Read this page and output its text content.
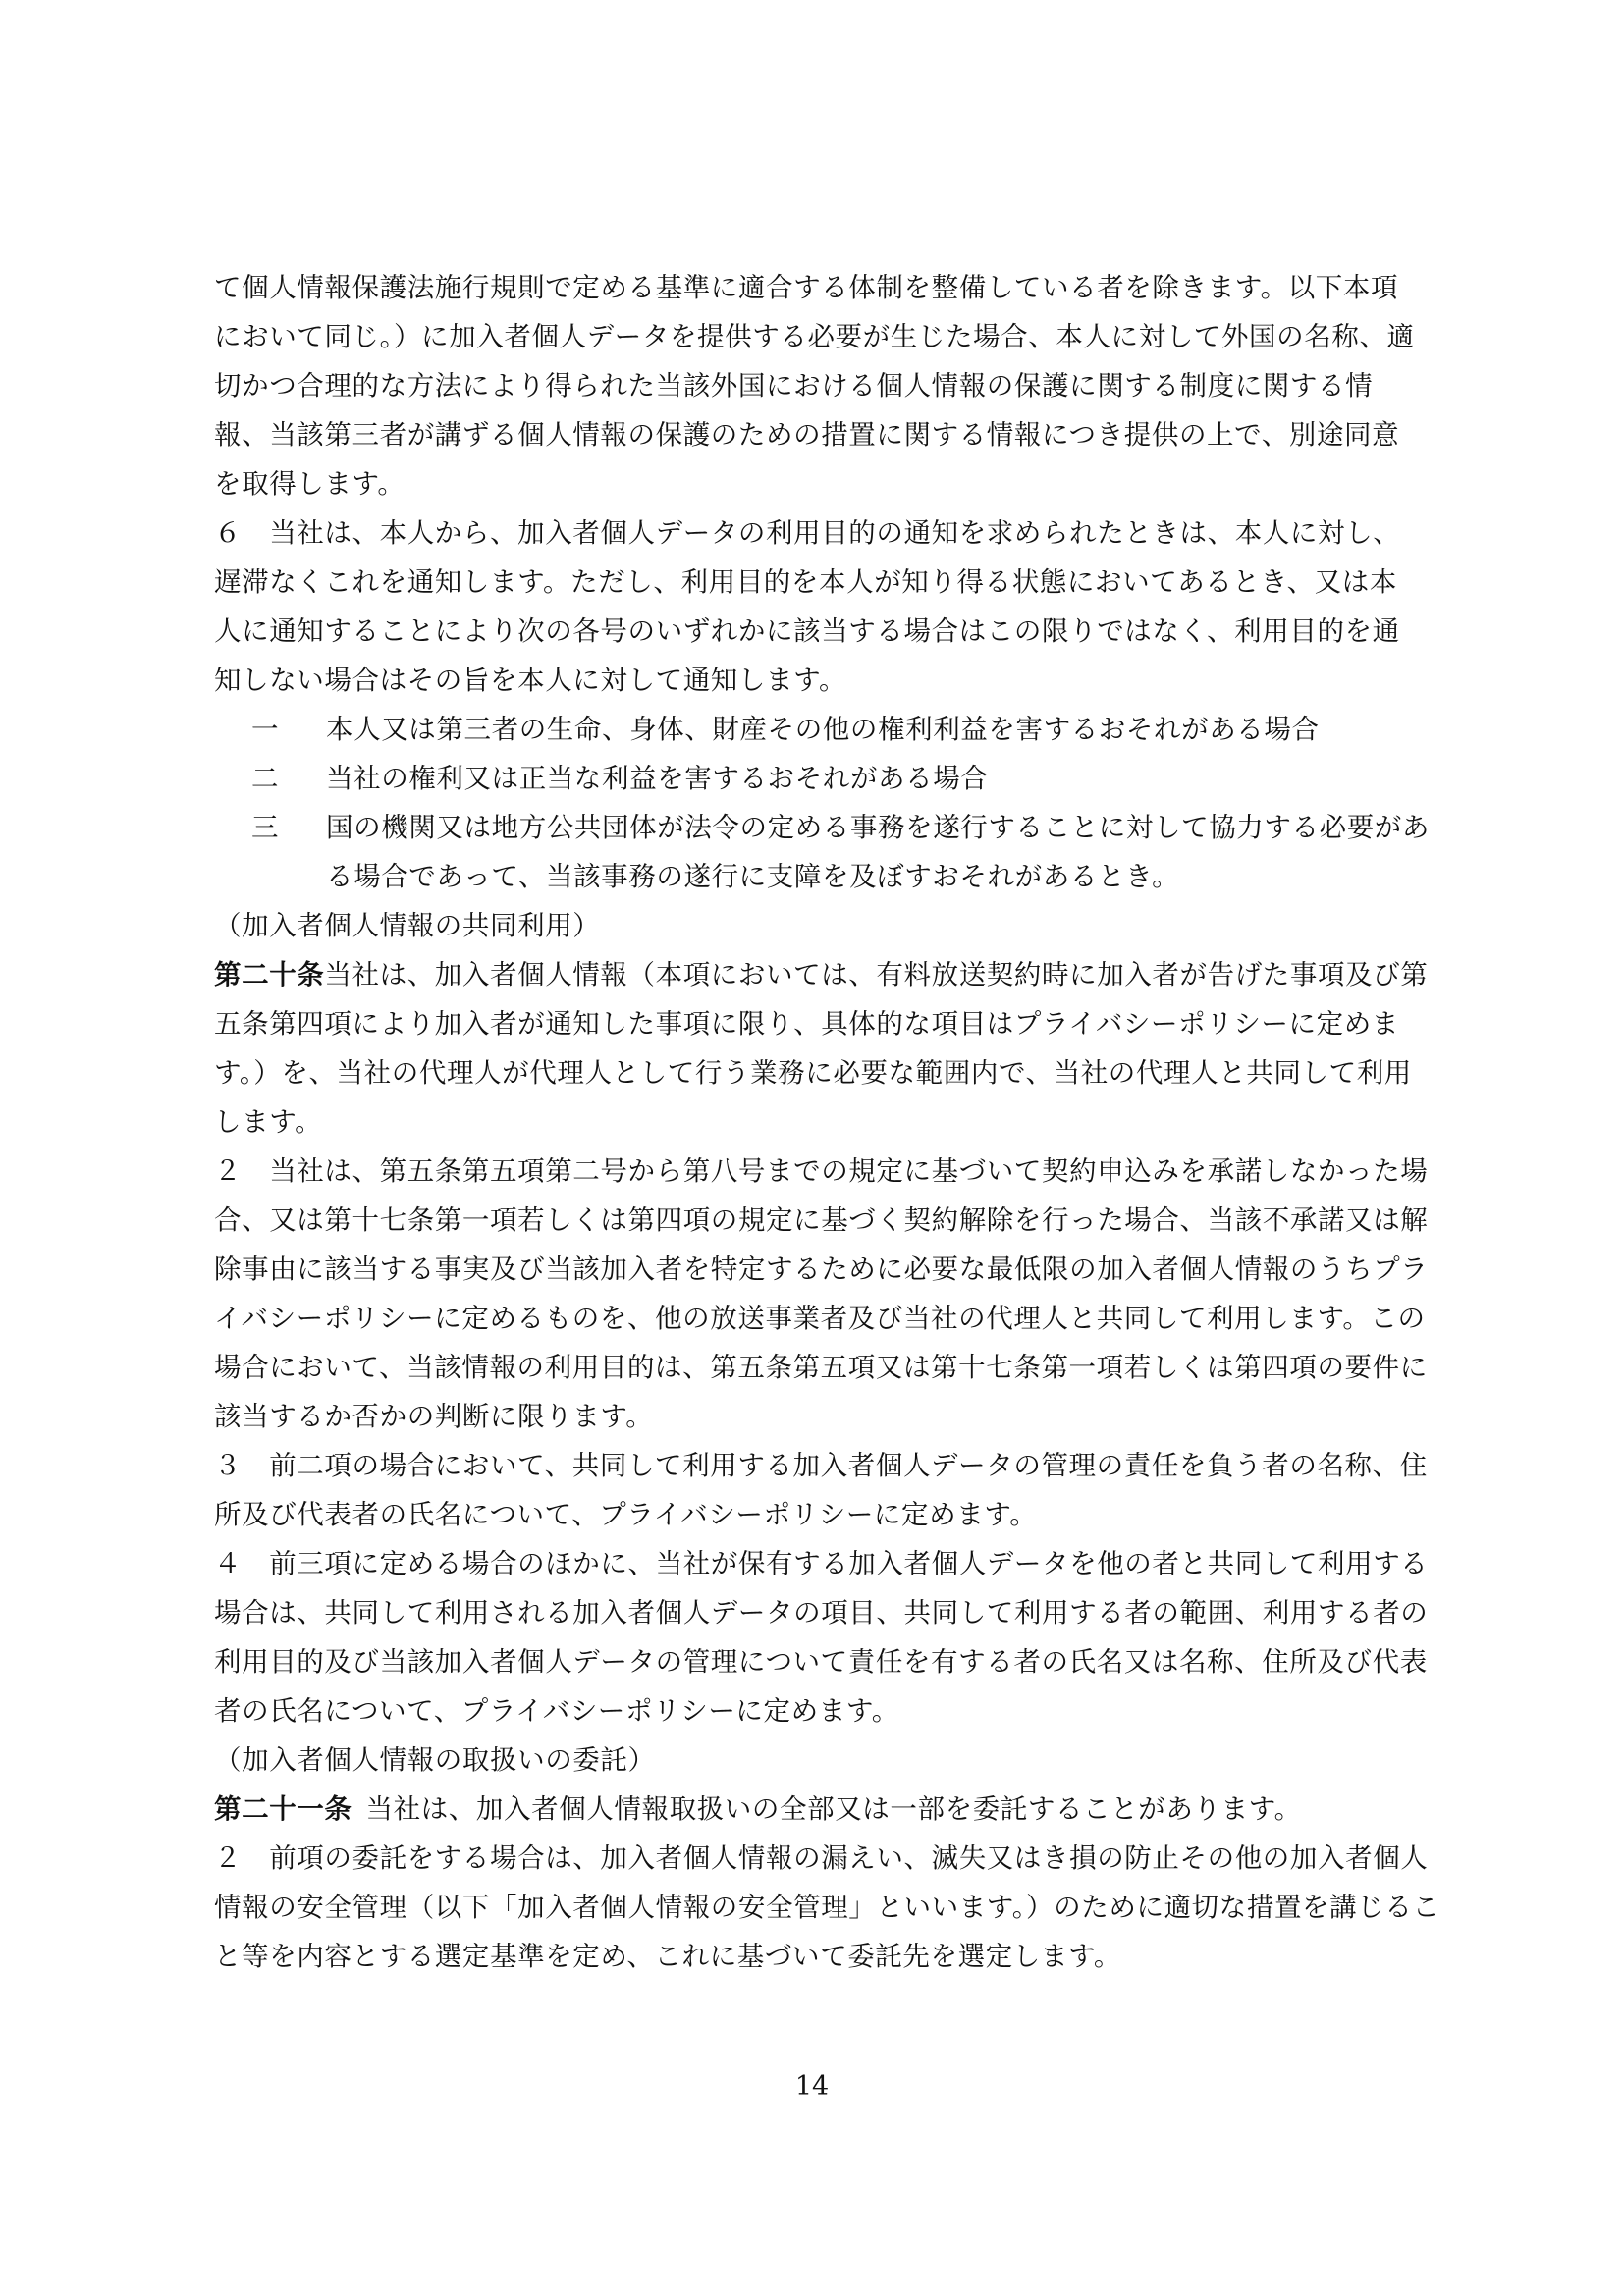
て個人情報保護法施行規則で定める基準に適合する体制を整備している者を除きます。以下本項
において同じ。）に加入者個人データを提供する必要が生じた場合、本人に対して外国の名称、適
切かつ合理的な方法により得られた当該外国における個人情報の保護に関する制度に関する情
報、当該第三者が講ずる個人情報の保護のための措置に関する情報につき提供の上で、別途同意
を取得します。
６　当社は、本人から、加入者個人データの利用目的の通知を求められたときは、本人に対し、
遅滞なくこれを通知します。ただし、利用目的を本人が知り得る状態においてあるとき、又は本
人に通知することにより次の各号のいずれかに該当する場合はこの限りではなく、利用目的を通
知しない場合はその旨を本人に対して通知します。
一 本人又は第三者の生命、身体、財産その他の権利利益を害するおそれがある場合
二 当社の権利又は正当な利益を害するおそれがある場合
三 国の機関又は地方公共団体が法令の定める事務を遂行することに対して協力する必要があ
る場合であって、当該事務の遂行に支障を及ぼすおそれがあるとき。
（加入者個人情報の共同利用）
第二十条当社は、加入者個人情報（本項においては、有料放送契約時に加入者が告げた事項及び第
五条第四項により加入者が通知した事項に限り、具体的な項目はプライバシーポリシーに定めま
す。）を、当社の代理人が代理人として行う業務に必要な範囲内で、当社の代理人と共同して利用
します。
２　当社は、第五条第五項第二号から第八号までの規定に基づいて契約申込みを承諾しなかった場
合、又は第十七条第一項若しくは第四項の規定に基づく契約解除を行った場合、当該不承諾又は解
除事由に該当する事実及び当該加入者を特定するために必要な最低限の加入者個人情報のうちプラ
イバシーポリシーに定めるものを、他の放送事業者及び当社の代理人と共同して利用します。この
場合において、当該情報の利用目的は、第五条第五項又は第十七条第一項若しくは第四項の要件に
該当するか否かの判断に限ります。
３　前二項の場合において、共同して利用する加入者個人データの管理の責任を負う者の名称、住
所及び代表者の氏名について、プライバシーポリシーに定めます。
４　前三項に定める場合のほかに、当社が保有する加入者個人データを他の者と共同して利用する
場合は、共同して利用される加入者個人データの項目、共同して利用する者の範囲、利用する者の
利用目的及び当該加入者個人データの管理について責任を有する者の氏名又は名称、住所及び代表
者の氏名について、プライバシーポリシーに定めます。
（加入者個人情報の取扱いの委託）
第二十一条 当社は、加入者個人情報取扱いの全部又は一部を委託することがあります。
２　前項の委託をする場合は、加入者個人情報の漏えい、滅失又はき損の防止その他の加入者個人
情報の安全管理（以下「加入者個人情報の安全管理」といいます。）のために適切な措置を講じるこ
と等を内容とする選定基準を定め、これに基づいて委託先を選定します。
14
